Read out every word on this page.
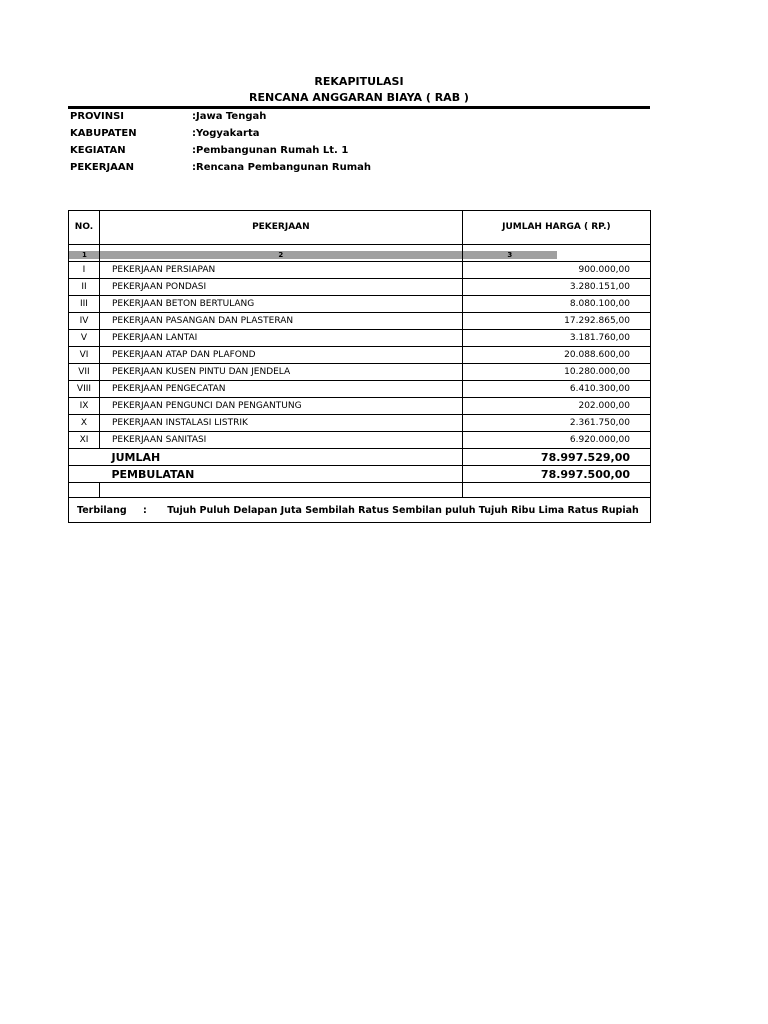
REKAPITULASI
RENCANA ANGGARAN BIAYA ( RAB )
PROVINSI	:Jawa Tengah
KABUPATEN	:Yogyakarta
KEGIATAN	:Pembangunan Rumah Lt. 1
PEKERJAAN	:Rencana Pembangunan Rumah
NO.	PEKERJAAN	JUMLAH HARGA ( RP.)

1	2	3

I	PEKERJAAN PERSIAPAN	900.000,00
II	PEKERJAAN PONDASI	3.280.151,00
III	PEKERJAAN BETON BERTULANG	8.080.100,00
IV	PEKERJAAN PASANGAN DAN PLASTERAN	17.292.865,00
V	PEKERJAAN LANTAI	3.181.760,00
VI	PEKERJAAN ATAP DAN PLAFOND	20.088.600,00
VII	PEKERJAAN KUSEN PINTU DAN JENDELA	10.280.000,00
VIII	PEKERJAAN PENGECATAN	6.410.300,00
IX	PEKERJAAN PENGUNCI DAN PENGANTUNG	202.000,00
X	PEKERJAAN INSTALASI LISTRIK	2.361.750,00
XI	PEKERJAAN SANITASI	6.920.000,00
	JUMLAH	78.997.529,00
	PEMBULATAN	78.997.500,00

Terbilang : Tujuh Puluh Delapan Juta Sembilah Ratus Sembilan puluh Tujuh Ribu Lima Ratus Rupiah		
